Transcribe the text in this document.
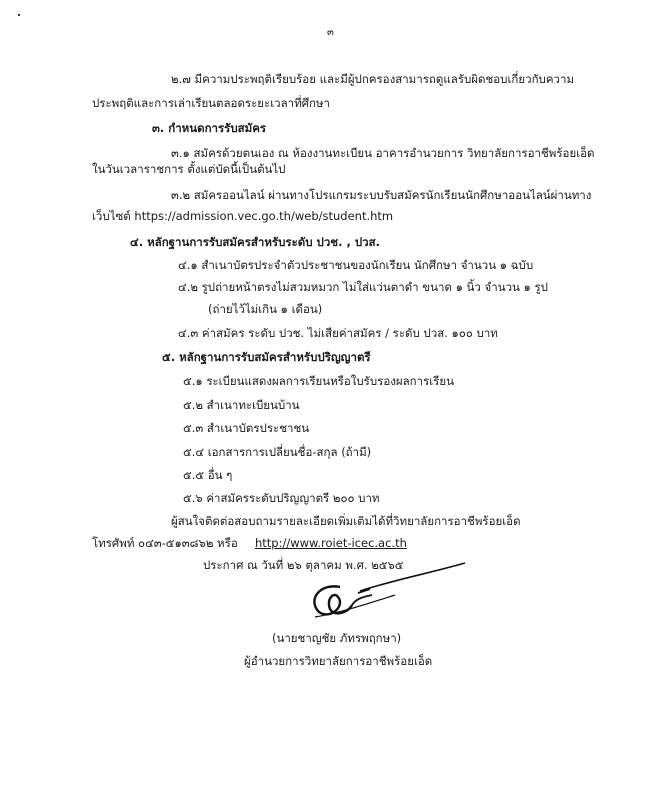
๓
๒.๗ มีความประพฤติเรียบร้อย และมีผู้ปกครองสามารถดูแลรับผิดชอบเกี่ยวกับความ
ประพฤติและการเล่าเรียนตลอดระยะเวลาที่ศึกษา
๓. กำหนดการรับสมัคร
๓.๑ สมัครด้วยตนเอง ณ ห้องงานทะเบียน อาคารอำนวยการ วิทยาลัยการอาชีพร้อยเอ็ด
ในวันเวลาราชการ ตั้งแต่บัดนี้เป็นต้นไป
๓.๒ สมัครออนไลน์ ผ่านทางโปรแกรมระบบรับสมัครนักเรียนนักศึกษาออนไลน์ผ่านทาง
เว็บไซต์ https://admission.vec.go.th/web/student.htm
๔. หลักฐานการรับสมัครสำหรับระดับ ปวช. , ปวส.
๔.๑ สำเนาบัตรประจำตัวประชาชนของนักเรียน นักศึกษา จำนวน ๑ ฉบับ
๔.๒ รูปถ่ายหน้าตรงไม่สวมหมวก ไม่ใส่แว่นตาดำ ขนาด ๑ นิ้ว จำนวน ๑ รูป
(ถ่ายไว้ไม่เกิน ๑ เดือน)
๔.๓ ค่าสมัคร ระดับ ปวช. ไม่เสียค่าสมัคร / ระดับ ปวส. ๑๐๐ บาท
๕. หลักฐานการรับสมัครสำหรับปริญญาตรี
๕.๑ ระเบียนแสดงผลการเรียนหรือใบรับรองผลการเรียน
๕.๒ สำเนาทะเบียนบ้าน
๕.๓ สำเนาบัตรประชาชน
๕.๔ เอกสารการเปลี่ยนชื่อ-สกุล (ถ้ามี)
๕.๕ อื่น ๆ
๕.๖ ค่าสมัครระดับปริญญาตรี ๒๐๐ บาท
ผู้สนใจติดต่อสอบถามรายละเอียดเพิ่มเติมได้ที่วิทยาลัยการอาชีพร้อยเอ็ด
โทรศัพท์ ๐๔๓-๕๑๓๘๖๒ หรือ http://www.roiet-icec.ac.th
ประกาศ ณ วันที่ ๒๖ ตุลาคม พ.ศ. ๒๕๖๕
(นายชาญชัย ภัทรพฤกษา)
ผู้อำนวยการวิทยาลัยการอาชีพร้อยเอ็ด
